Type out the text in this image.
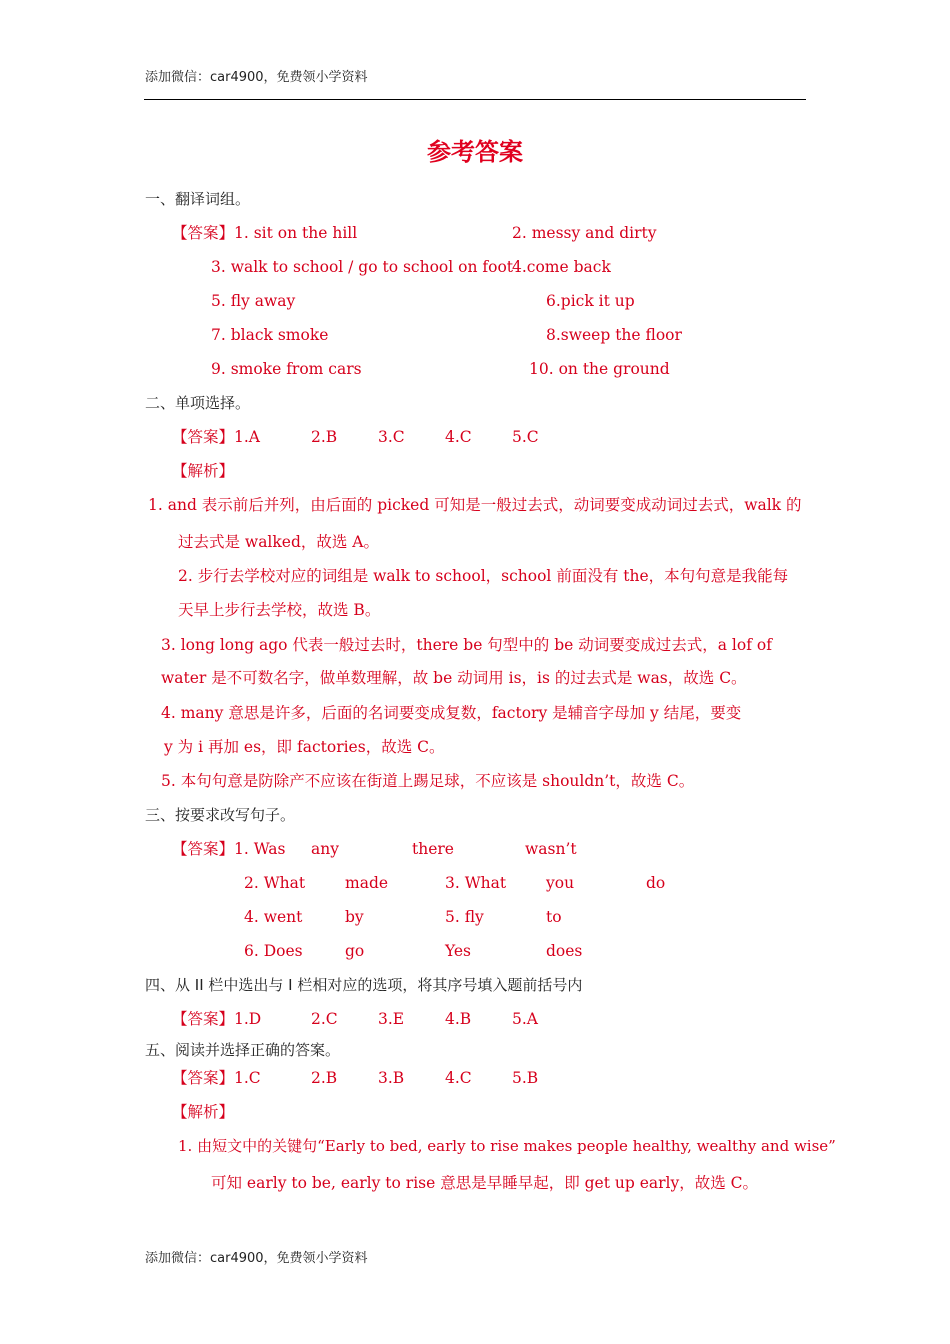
添加微信：car4900，免费领小学资料
参考答案
一、翻译词组。
【答案】1. sit on the hill	2. messy and dirty
3. walk to school / go to school on foot
4.come back
5. fly away	6.pick it up
7. black smoke	8.sweep the floor
9. smoke from cars	10. on the ground
二、单项选择。
【答案】1.A	2.B	3.C	4.C	5.C
【解析】
1. and 表示前后并列，由后面的 picked 可知是一般过去式，动词要变成动词过去式，walk 的
过去式是 walked，故选 A。
2. 步行去学校对应的词组是 walk to school，school 前面没有 the，本句句意是我能每
天早上步行去学校，故选 B。
3. long long ago 代表一般过去时，there be 句型中的 be 动词要变成过去式，a lof of
water 是不可数名字，做单数理解，故 be 动词用 is，is 的过去式是 was，故选 C。
4. many 意思是许多，后面的名词要变成复数，factory 是辅音字母加 y 结尾，要变
y 为 i 再加 es，即 factories，故选 C。
5. 本句句意是防除产不应该在街道上踢足球，不应该是 shouldn’t，故选 C。
三、按要求改写句子。
【答案】1. Was any	there	wasn’t
2. What	made	3. What	you	do
4. went	by	5. fly	to
6. Does	go	Yes	does
四、从 II 栏中选出与 I 栏相对应的选项，将其序号填入题前括号内
【答案】1.D	2.C	3.E	4.B	5.A
五、阅读并选择正确的答案。
【答案】1.C	2.B	3.B	4.C	5.B
【解析】
1. 由短文中的关键句“Early to bed, early to rise makes people healthy, wealthy and wise”
可知 early to be, early to rise 意思是早睡早起，即 get up early，故选 C。
添加微信：car4900，免费领小学资料
